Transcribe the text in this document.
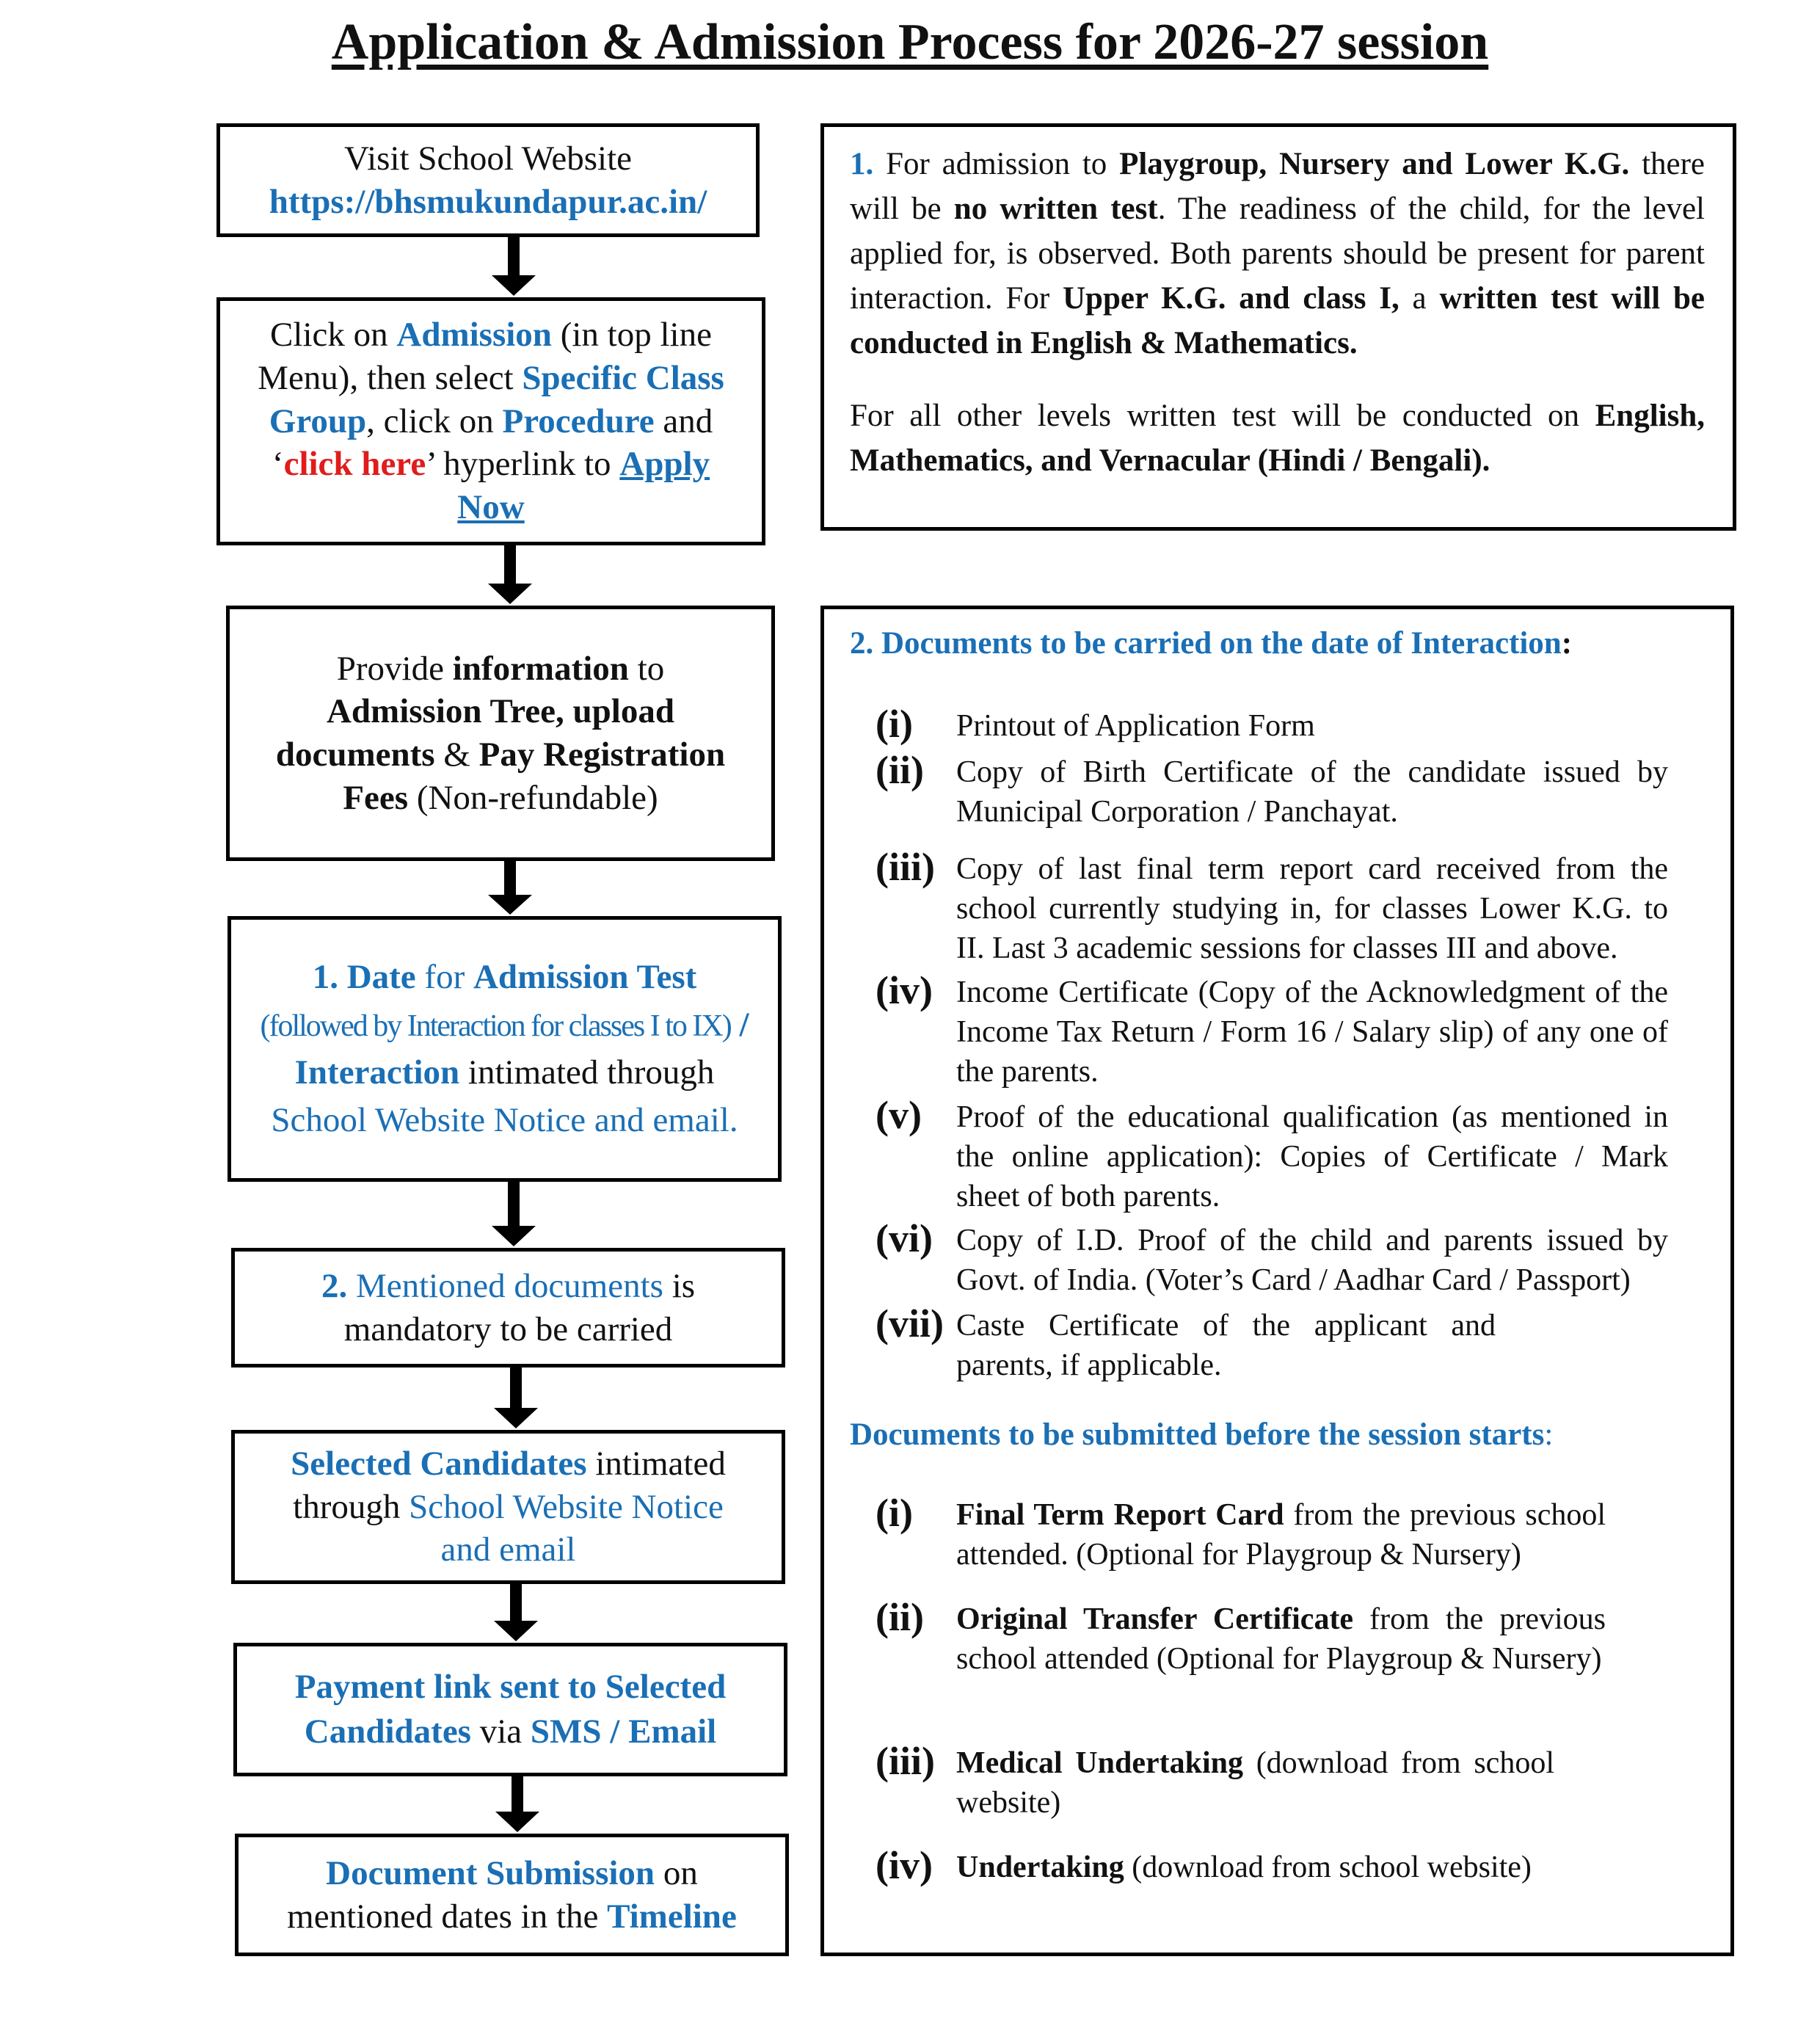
Application & Admission Process for 2026-27 session
Visit School Website
https://bhsmukundapur.ac.in/
Click on Admission (in top line Menu), then select Specific Class Group, click on Procedure and ‘click here’ hyperlink to Apply Now
Provide information to Admission Tree, upload documents & Pay Registration Fees (Non-refundable)
1. Date for Admission Test
(followed by Interaction for classes I to IX) / Interaction intimated through School Website Notice and email.
2. Mentioned documents is mandatory to be carried
Selected Candidates intimated through School Website Notice and email
Payment link sent to Selected Candidates via SMS / Email
Document Submission on mentioned dates in the Timeline
1. For admission to Playgroup, Nursery and Lower K.G. there will be no written test. The readiness of the child, for the level applied for, is observed. Both parents should be present for parent interaction. For Upper K.G. and class I, a written test will be conducted in English & Mathematics.
For all other levels written test will be conducted on English, Mathematics, and Vernacular (Hindi / Bengali).
2. Documents to be carried on the date of Interaction:
(i) Printout of Application Form
(ii) Copy of Birth Certificate of the candidate issued by Municipal Corporation / Panchayat.
(iii) Copy of last final term report card received from the school currently studying in, for classes Lower K.G. to II. Last 3 academic sessions for classes III and above.
(iv) Income Certificate (Copy of the Acknowledgment of the Income Tax Return / Form 16 / Salary slip) of any one of the parents.
(v) Proof of the educational qualification (as mentioned in the online application): Copies of Certificate / Mark sheet of both parents.
(vi) Copy of I.D. Proof of the child and parents issued by Govt. of India. (Voter’s Card / Aadhar Card / Passport)
(vii) Caste Certificate of the applicant and parents, if applicable.
Documents to be submitted before the session starts:
(i) Final Term Report Card from the previous school attended. (Optional for Playgroup & Nursery)
(ii) Original Transfer Certificate from the previous school attended (Optional for Playgroup & Nursery)
(iii) Medical Undertaking (download from school website)
(iv) Undertaking (download from school website)
